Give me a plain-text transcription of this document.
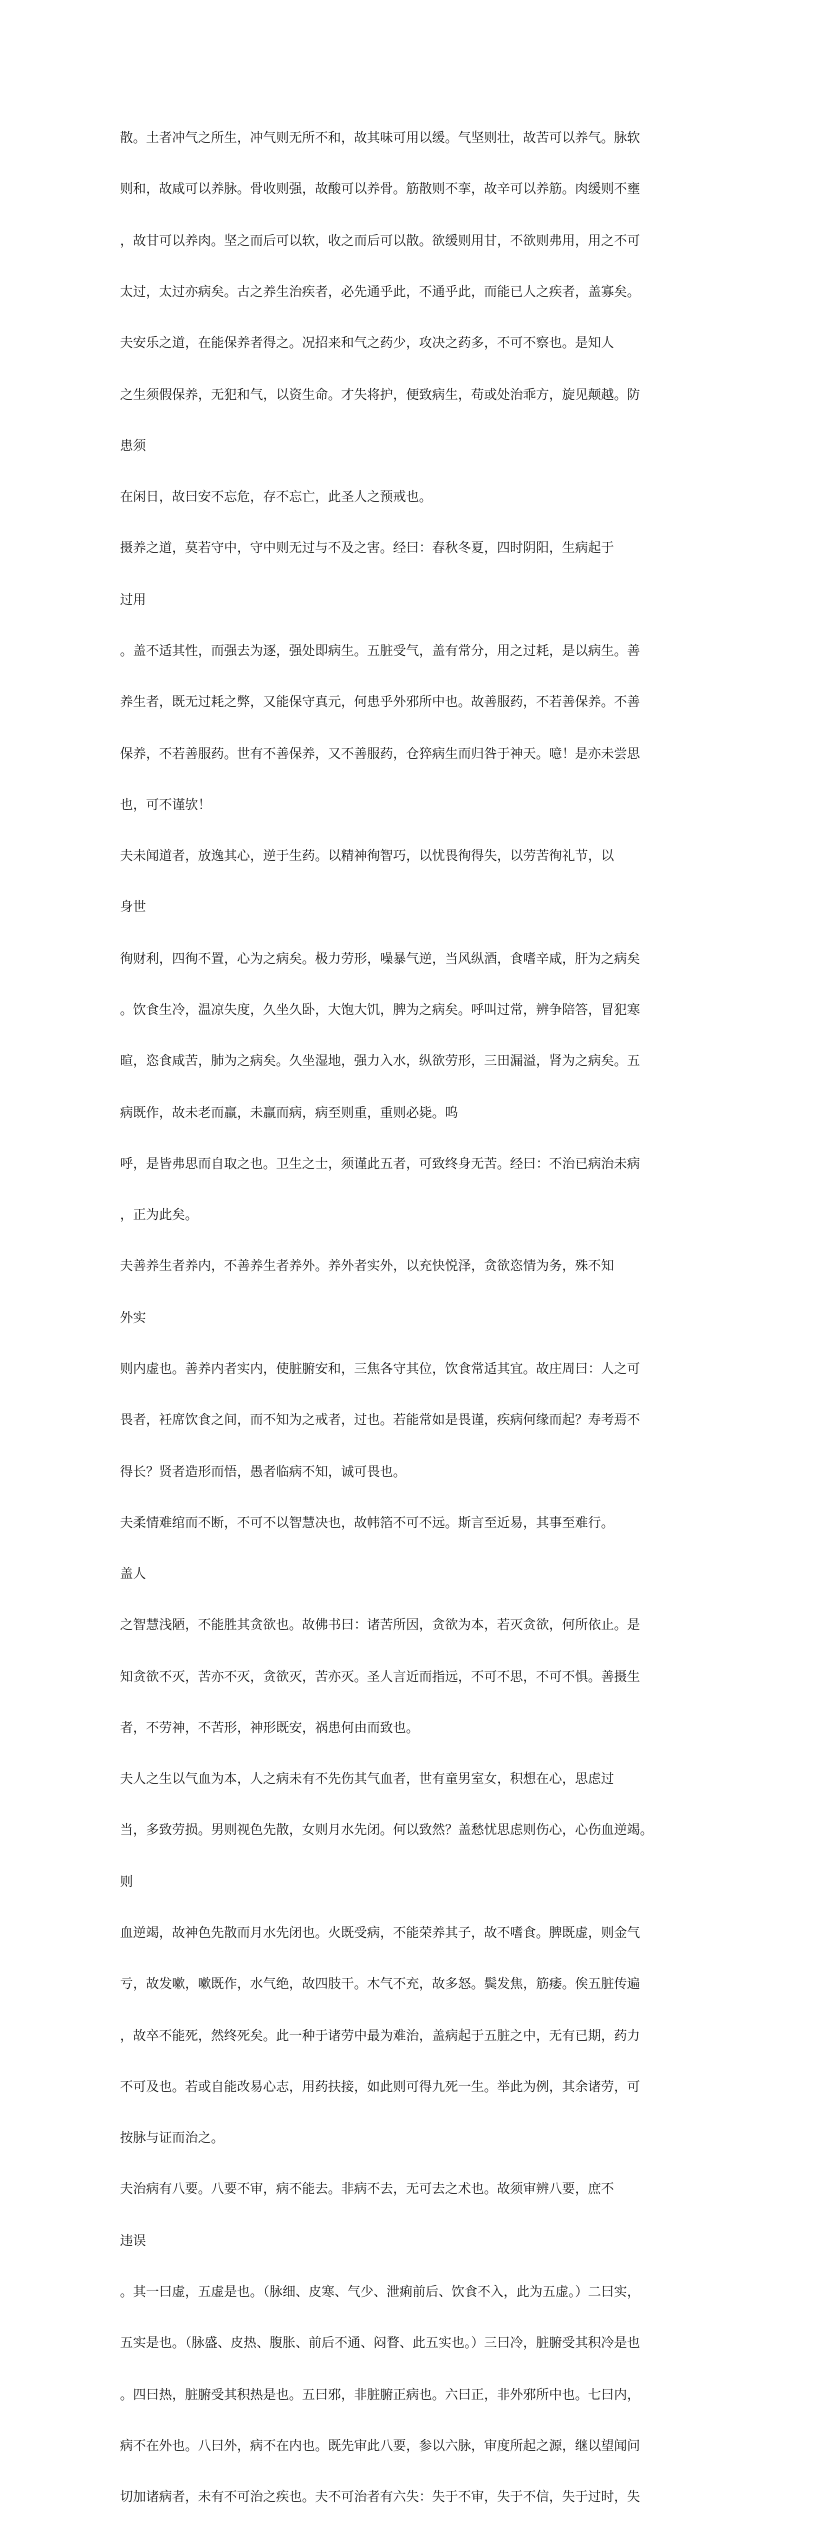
散。土者冲气之所生，冲气则无所不和，故其味可用以缓。气坚则壮，故苦可以养气。脉软

则和，故咸可以养脉。骨收则强，故酸可以养骨。筋散则不挛，故辛可以养筋。肉缓则不壅

，故甘可以养肉。坚之而后可以软，收之而后可以散。欲缓则用甘，不欲则弗用，用之不可

太过，太过亦病矣。古之养生治疾者，必先通乎此，不通乎此，而能已人之疾者，盖寡矣。

夫安乐之道，在能保养者得之。况招来和气之药少，攻决之药多，不可不察也。是知人

之生须假保养，无犯和气，以资生命。才失将护，便致病生，苟或处治乖方，旋见颠越。防

患须

在闲日，故曰安不忘危，存不忘亡，此圣人之预戒也。

摄养之道，莫若守中，守中则无过与不及之害。经曰：春秋冬夏，四时阴阳，生病起于

过用

。盖不适其性，而强去为逐，强处即病生。五脏受气，盖有常分，用之过耗，是以病生。善

养生者，既无过耗之弊，又能保守真元，何患乎外邪所中也。故善服药，不若善保养。不善

保养，不若善服药。世有不善保养，又不善服药，仓猝病生而归咎于神天。噫！是亦未尝思

也，可不谨欤！

夫未闻道者，放逸其心，逆于生药。以精神徇智巧，以忧畏徇得失，以劳苦徇礼节，以

身世

徇财利，四徇不置，心为之病矣。极力劳形，噪暴气逆，当风纵酒，食嗜辛咸，肝为之病矣

。饮食生冷，温凉失度，久坐久卧，大饱大饥，脾为之病矣。呼叫过常，辨争陪答，冒犯寒

暄，恣食咸苦，肺为之病矣。久坐湿地，强力入水，纵欲劳形，三田漏溢，肾为之病矣。五

病既作，故未老而羸，未羸而病，病至则重，重则必毙。呜

呼，是皆弗思而自取之也。卫生之士，须谨此五者，可致终身无苦。经曰：不治已病治未病

，正为此矣。

夫善养生者养内，不善养生者养外。养外者实外，以充快悦泽，贪欲恣情为务，殊不知

外实

则内虚也。善养内者实内，使脏腑安和，三焦各守其位，饮食常适其宜。故庄周曰：人之可

畏者，衽席饮食之间，而不知为之戒者，过也。若能常如是畏谨，疾病何缘而起？寿考焉不

得长？贤者造形而悟，愚者临病不知，诚可畏也。

夫柔情难绾而不断，不可不以智慧决也，故帏箔不可不远。斯言至近易，其事至难行。

盖人

之智慧浅陋，不能胜其贪欲也。故佛书曰：诸苦所因，贪欲为本，若灭贪欲，何所依止。是

知贪欲不灭，苦亦不灭，贪欲灭，苦亦灭。圣人言近而指远，不可不思，不可不惧。善摄生

者，不劳神，不苦形，神形既安，祸患何由而致也。

夫人之生以气血为本，人之病未有不先伤其气血者，世有童男室女，积想在心，思虑过

当，多致劳损。男则视色先散，女则月水先闭。何以致然？盖愁忧思虑则伤心，心伤血逆竭。

则

血逆竭，故神色先散而月水先闭也。火既受病，不能荣养其子，故不嗜食。脾既虚，则金气

亏，故发嗽，嗽既作，水气绝，故四肢干。木气不充，故多怒。鬓发焦，筋痿。俟五脏传遍

，故卒不能死，然终死矣。此一种于诸劳中最为难治，盖病起于五脏之中，无有已期，药力

不可及也。若或自能改易心志，用药扶接，如此则可得九死一生。举此为例，其余诸劳，可

按脉与证而治之。

夫治病有八要。八要不审，病不能去。非病不去，无可去之术也。故须审辨八要，庶不

违误

。其一曰虚，五虚是也。（脉细、皮寒、气少、泄痢前后、饮食不入，此为五虚。）二曰实，

五实是也。（脉盛、皮热、腹胀、前后不通、闷瞀、此五实也。）三曰冷，脏腑受其积冷是也

。四曰热，脏腑受其积热是也。五曰邪，非脏腑正病也。六曰正，非外邪所中也。七曰内，

病不在外也。八曰外，病不在内也。既先审此八要，参以六脉，审度所起之源，继以望闻问

切加诸病者，未有不可治之疾也。夫不可治者有六失：失于不审，失于不信，失于过时，失
